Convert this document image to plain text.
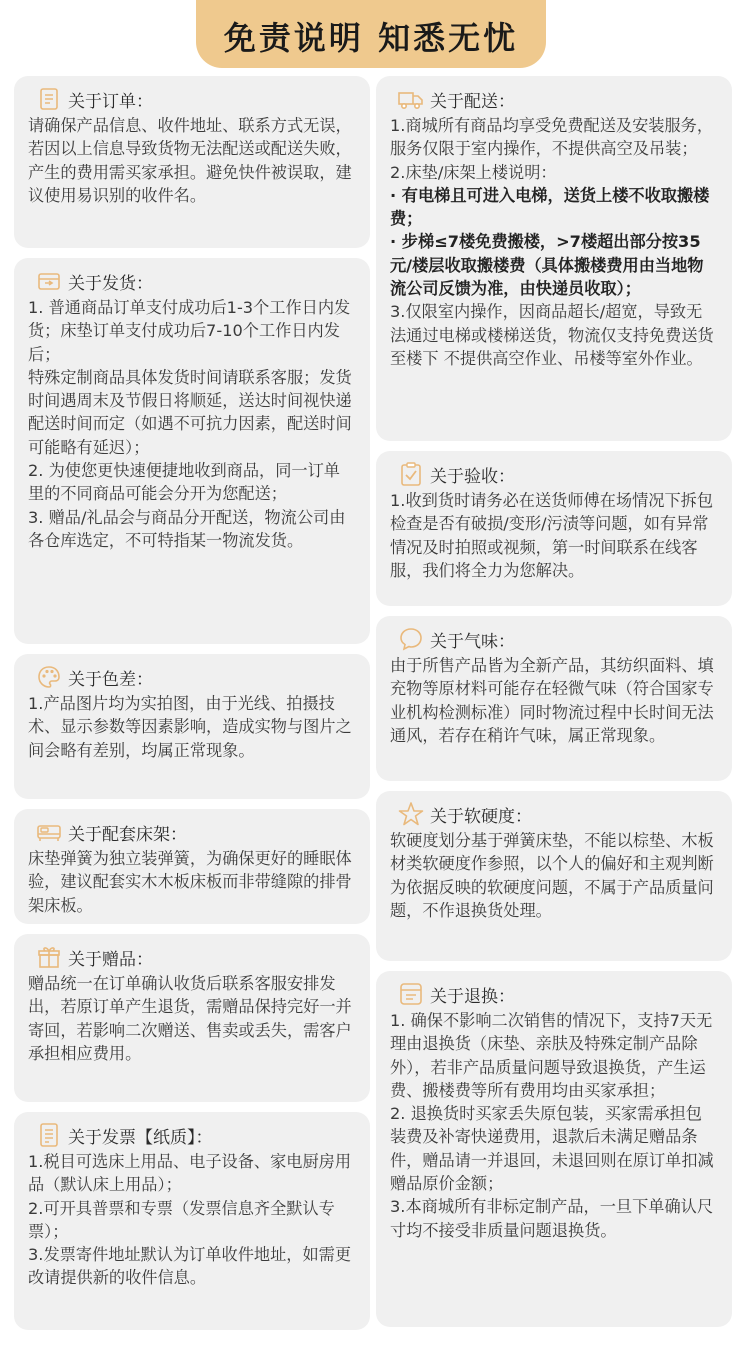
免责说明 知悉无忧
关于订单：

请确保产品信息、收件地址、联系方式无误，若因以上信息导致货物无法配送或配送失败，产生的费用需买家承担。避免快件被误取，建议使用易识别的收件名。

关于发货：

1. 普通商品订单支付成功后1-3个工作日内发货；床垫订单支付成功后7-10个工作日内发后；

特殊定制商品具体发货时间请联系客服；发货时间遇周末及节假日将顺延，送达时间视快递配送时间而定（如遇不可抗力因素，配送时间可能略有延迟）；

2. 为使您更快速便捷地收到商品，同一订单里的不同商品可能会分开为您配送；

3. 赠品/礼品会与商品分开配送，物流公司由各仓库选定，不可特指某一物流发货。

关于色差：

1.产品图片均为实拍图，由于光线、拍摄技术、显示参数等因素影响，造成实物与图片之间会略有差别，均属正常现象。

关于配套床架：

床垫弹簧为独立装弹簧，为确保更好的睡眠体验，建议配套实木木板床板而非带缝隙的排骨架床板。

关于赠品：

赠品统一在订单确认收货后联系客服安排发出，若原订单产生退货，需赠品保持完好一并寄回，若影响二次赠送、售卖或丢失，需客户承担相应费用。

关于发票【纸质】：

1.税目可选床上用品、电子设备、家电厨房用品（默认床上用品）；

2.可开具普票和专票（发票信息齐全默认专票）；

3.发票寄件地址默认为订单收件地址，如需更改请提供新的收件信息。

关于配送：

1.商城所有商品均享受免费配送及安装服务，服务仅限于室内操作，不提供高空及吊装；

2.床垫/床架上楼说明：

· 有电梯且可进入电梯，送货上楼不收取搬楼费；

· 步梯≤7楼免费搬楼，>7楼超出部分按35元/楼层收取搬楼费（具体搬楼费用由当地物流公司反馈为准，由快递员收取）；

3.仅限室内操作，因商品超长/超宽，导致无法通过电梯或楼梯送货，物流仅支持免费送货至楼下 不提供高空作业、吊楼等室外作业。

关于验收：

1.收到货时请务必在送货师傅在场情况下拆包检查是否有破损/变形/污渍等问题，如有异常情况及时拍照或视频，第一时间联系在线客服，我们将全力为您解决。

关于气味：

由于所售产品皆为全新产品，其纺织面料、填充物等原材料可能存在轻微气味（符合国家专业机构检测标准）同时物流过程中长时间无法通风，若存在稍许气味，属正常现象。

关于软硬度：

软硬度划分基于弹簧床垫，不能以棕垫、木板材类软硬度作参照，以个人的偏好和主观判断为依据反映的软硬度问题，不属于产品质量问题，不作退换货处理。

关于退换：

1. 确保不影响二次销售的情况下，支持7天无理由退换货（床垫、亲肤及特殊定制产品除外），若非产品质量问题导致退换货，产生运费、搬楼费等所有费用均由买家承担；

2. 退换货时买家丢失原包装，买家需承担包装费及补寄快递费用，退款后未满足赠品条件，赠品请一并退回，未退回则在原订单扣减赠品原价金额；

3.本商城所有非标定制产品，一旦下单确认尺寸均不接受非质量问题退换货。
